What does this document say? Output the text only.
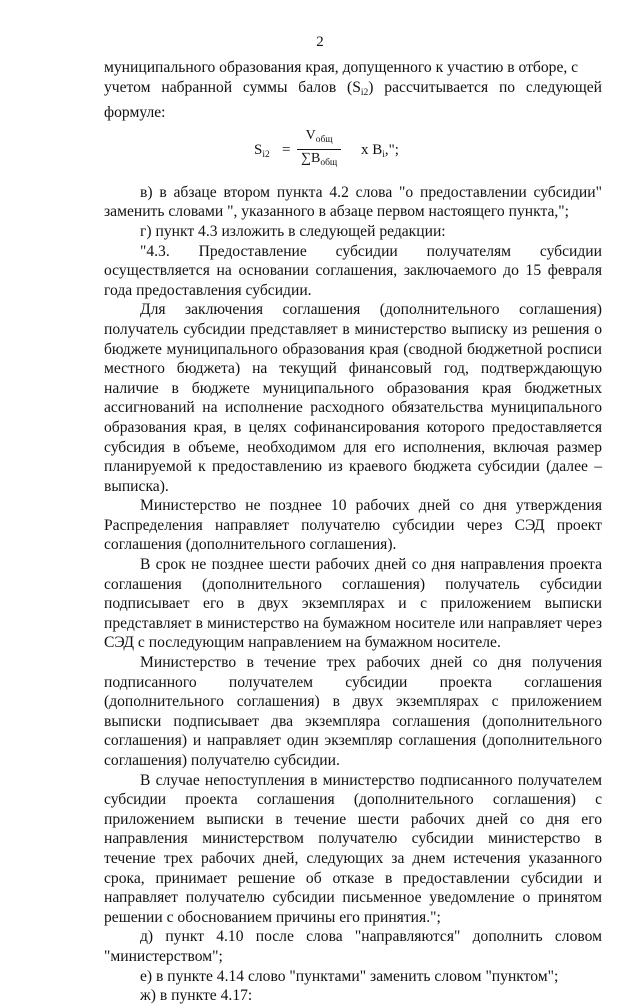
2

муниципального образования края, допущенного к участию в отборе, с

учетом набранной суммы балов $(S_{i2})$ рассчитывается по следующей формуле:

$S_{i2}$ =
$V_{общ}$
$\sum B_{общ}$
x $B_i$,";

в) в абзаце втором пункта 4.2 слова "о предоставлении субсидии" заменить словами ", указанного в абзаце первом настоящего пункта,";

г) пункт 4.3 изложить в следующей редакции:

"4.3. Предоставление субсидии получателям субсидии осуществляется на основании соглашения, заключаемого до 15 февраля года предоставления субсидии.

Для заключения соглашения (дополнительного соглашения) получатель субсидии представляет в министерство выписку из решения о бюджете муниципального образования края (сводной бюджетной росписи местного бюджета) на текущий финансовый год, подтверждающую наличие в бюджете муниципального образования края бюджетных ассигнований на исполнение расходного обязательства муниципального образования края, в целях софинансирования которого предоставляется субсидия в объеме, необходимом для его исполнения, включая размер планируемой к предоставлению из краевого бюджета субсидии (далее – выписка).

Министерство не позднее 10 рабочих дней со дня утверждения Распределения направляет получателю субсидии через СЭД проект соглашения (дополнительного соглашения).

В срок не позднее шести рабочих дней со дня направления проекта соглашения (дополнительного соглашения) получатель субсидии подписывает его в двух экземплярах и с приложением выписки представляет в министерство на бумажном носителе или направляет через СЭД с последующим направлением на бумажном носителе.

Министерство в течение трех рабочих дней со дня получения подписанного получателем субсидии проекта соглашения (дополнительного соглашения) в двух экземплярах с приложением выписки подписывает два экземпляра соглашения (дополнительного соглашения) и направляет один экземпляр соглашения (дополнительного соглашения) получателю субсидии.

В случае непоступления в министерство подписанного получателем субсидии проекта соглашения (дополнительного соглашения) с приложением выписки в течение шести рабочих дней со дня его направления министерством получателю субсидии министерство в течение трех рабочих дней, следующих за днем истечения указанного срока, принимает решение об отказе в предоставлении субсидии и направляет получателю субсидии письменное уведомление о принятом решении с обоснованием причины его принятия.";

д) пункт 4.10 после слова "направляются" дополнить словом "министерством";

е) в пункте 4.14 слово "пунктами" заменить словом "пунктом";

ж) в пункте 4.17:
